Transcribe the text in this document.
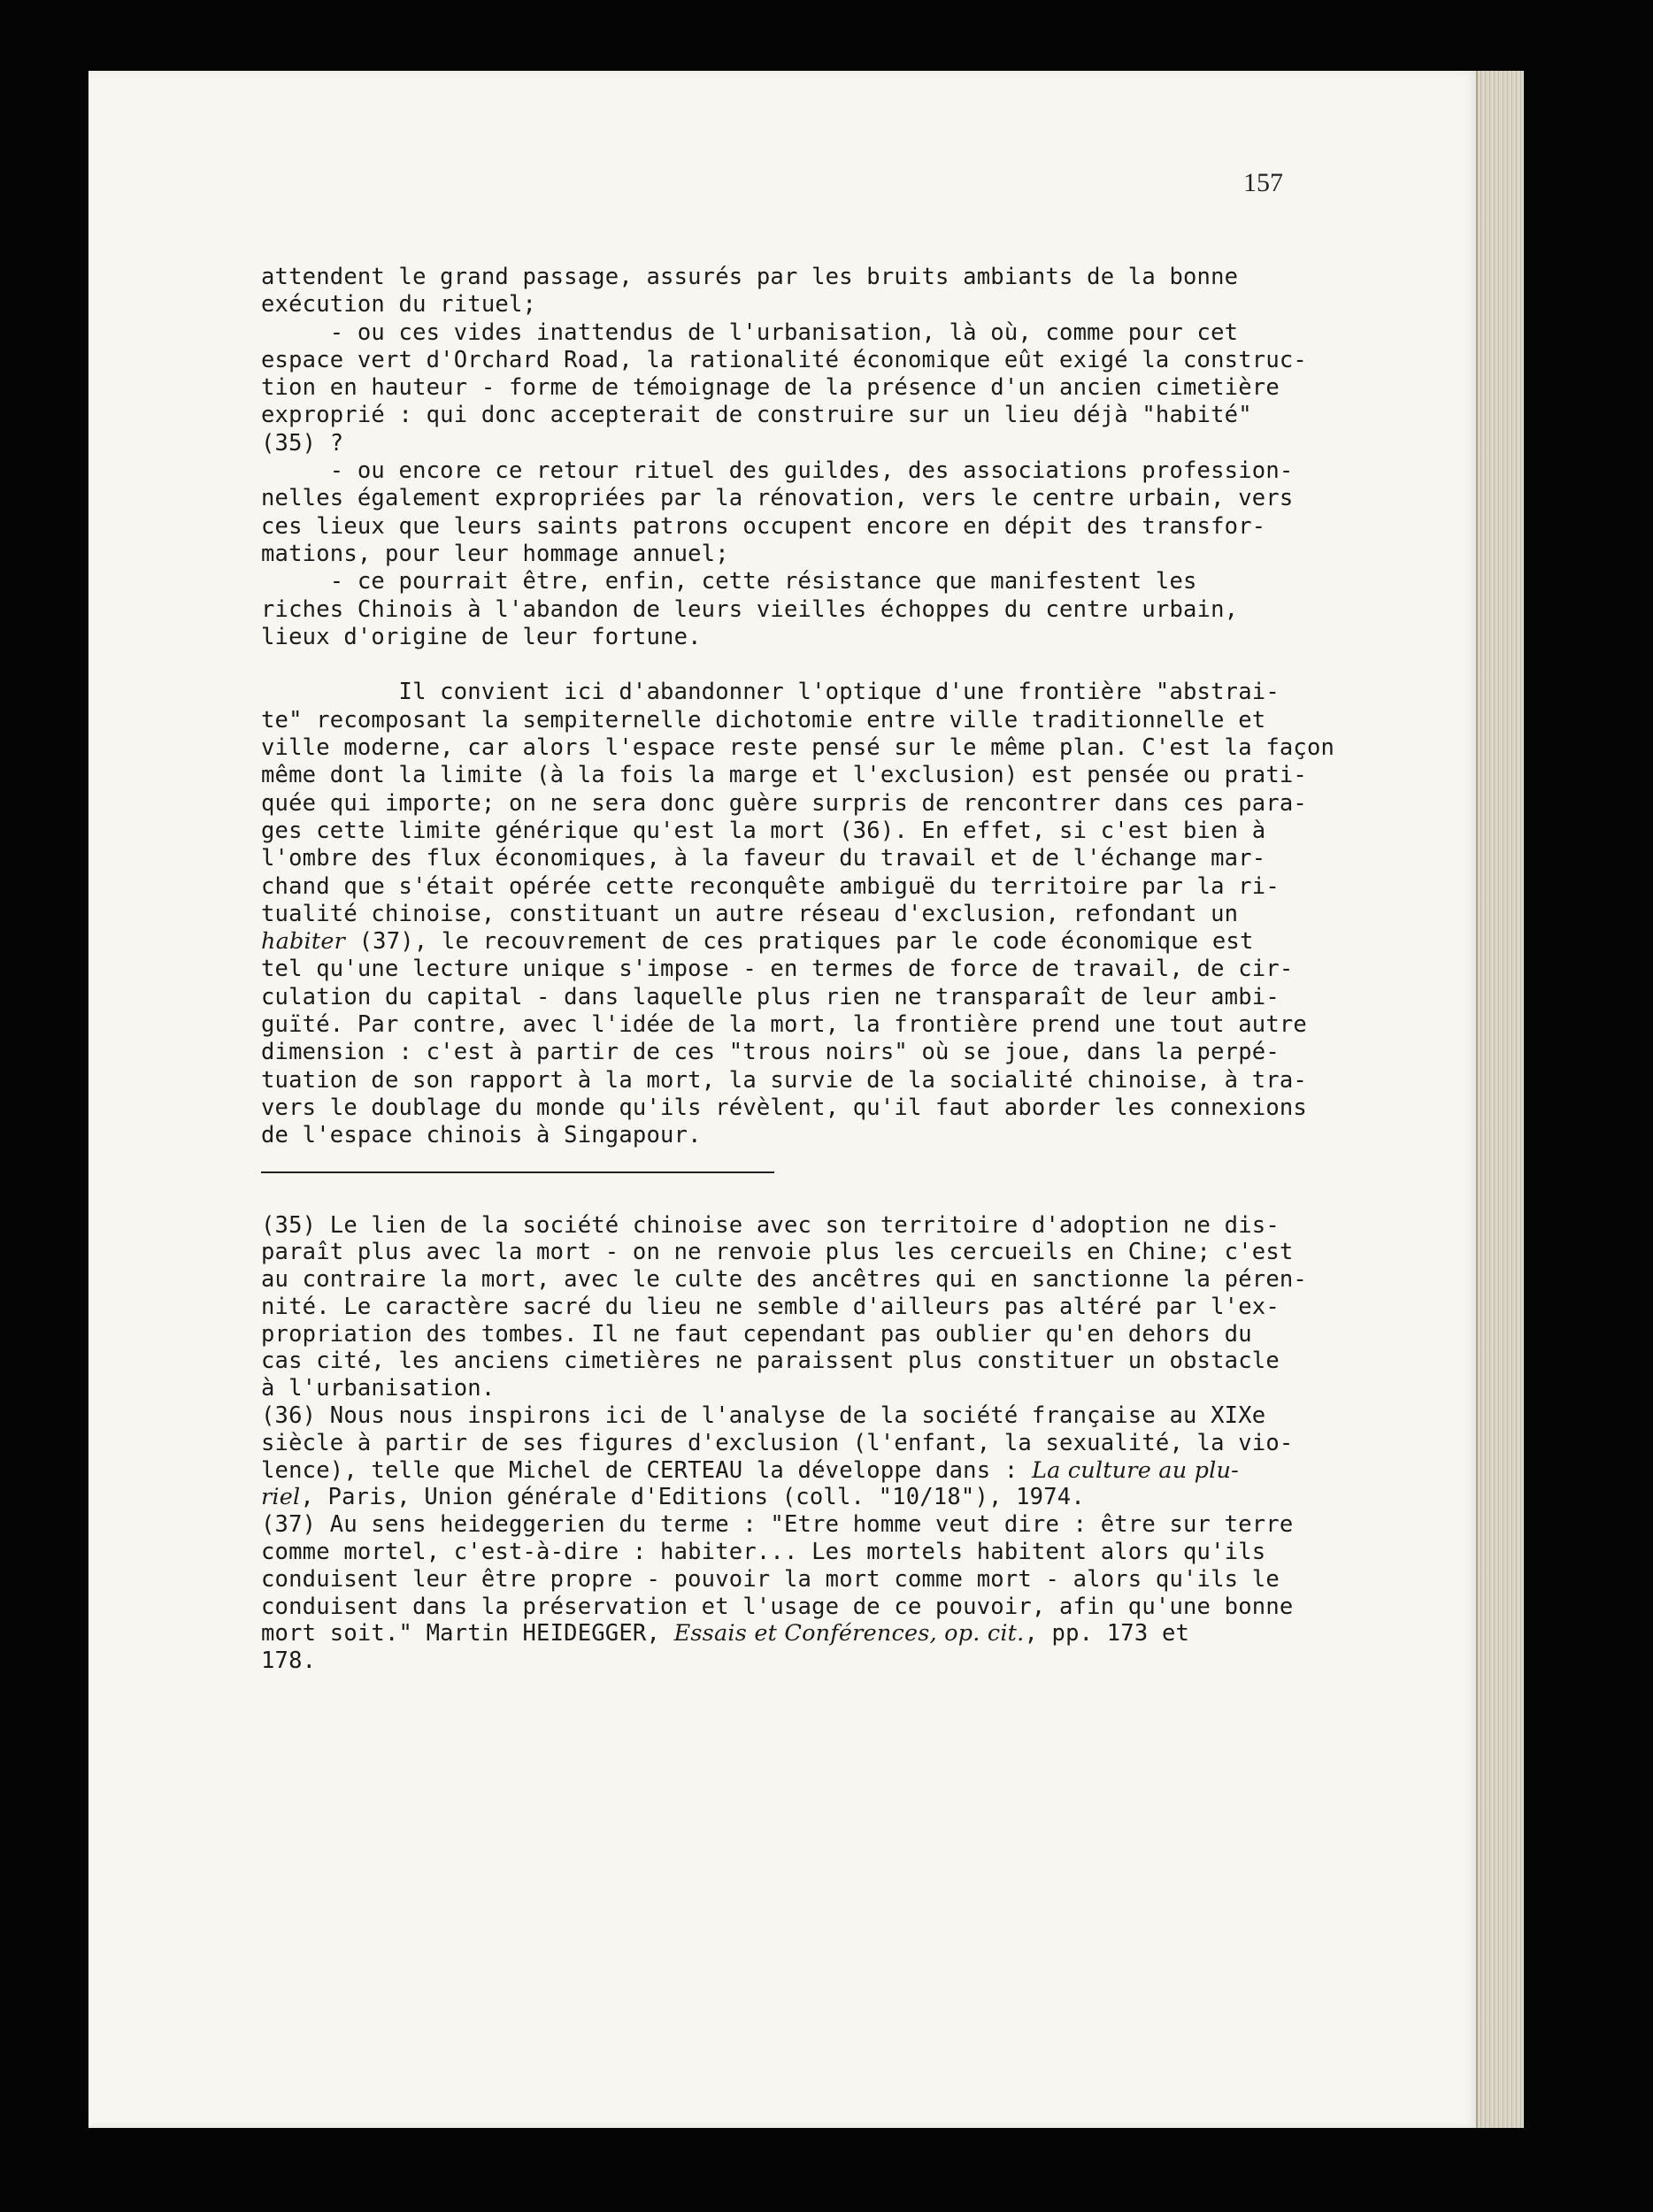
157
attendent le grand passage, assurés par les bruits ambiants de la bonne
exécution du rituel;
- ou ces vides inattendus de l'urbanisation, là où, comme pour cet
espace vert d'Orchard Road, la rationalité économique eût exigé la construc-
tion en hauteur - forme de témoignage de la présence d'un ancien cimetière
exproprié : qui donc accepterait de construire sur un lieu déjà "habité"
(35) ?
- ou encore ce retour rituel des guildes, des associations profession-
nelles également expropriées par la rénovation, vers le centre urbain, vers
ces lieux que leurs saints patrons occupent encore en dépit des transfor-
mations, pour leur hommage annuel;
- ce pourrait être, enfin, cette résistance que manifestent les
riches Chinois à l'abandon de leurs vieilles échoppes du centre urbain,
lieux d'origine de leur fortune.
Il convient ici d'abandonner l'optique d'une frontière "abstrai-
te" recomposant la sempiternelle dichotomie entre ville traditionnelle et
ville moderne, car alors l'espace reste pensé sur le même plan. C'est la façon
même dont la limite (à la fois la marge et l'exclusion) est pensée ou prati-
quée qui importe; on ne sera donc guère surpris de rencontrer dans ces para-
ges cette limite générique qu'est la mort (36). En effet, si c'est bien à
l'ombre des flux économiques, à la faveur du travail et de l'échange mar-
chand que s'était opérée cette reconquête ambiguë du territoire par la ri-
tualité chinoise, constituant un autre réseau d'exclusion, refondant un
habiter (37), le recouvrement de ces pratiques par le code économique est
tel qu'une lecture unique s'impose - en termes de force de travail, de cir-
culation du capital - dans laquelle plus rien ne transparaît de leur ambi-
guïté. Par contre, avec l'idée de la mort, la frontière prend une tout autre
dimension : c'est à partir de ces "trous noirs" où se joue, dans la perpé-
tuation de son rapport à la mort, la survie de la socialité chinoise, à tra-
vers le doublage du monde qu'ils révèlent, qu'il faut aborder les connexions
de l'espace chinois à Singapour.
(35) Le lien de la société chinoise avec son territoire d'adoption ne dis-
paraît plus avec la mort - on ne renvoie plus les cercueils en Chine; c'est
au contraire la mort, avec le culte des ancêtres qui en sanctionne la péren-
nité. Le caractère sacré du lieu ne semble d'ailleurs pas altéré par l'ex-
propriation des tombes. Il ne faut cependant pas oublier qu'en dehors du
cas cité, les anciens cimetières ne paraissent plus constituer un obstacle
à l'urbanisation.
(36) Nous nous inspirons ici de l'analyse de la société française au XIXe
siècle à partir de ses figures d'exclusion (l'enfant, la sexualité, la vio-
lence), telle que Michel de CERTEAU la développe dans : La culture au plu-
riel, Paris, Union générale d'Editions (coll. "10/18"), 1974.
(37) Au sens heideggerien du terme : "Etre homme veut dire : être sur terre
comme mortel, c'est-à-dire : habiter... Les mortels habitent alors qu'ils
conduisent leur être propre - pouvoir la mort comme mort - alors qu'ils le
conduisent dans la préservation et l'usage de ce pouvoir, afin qu'une bonne
mort soit." Martin HEIDEGGER, Essais et Conférences, op. cit., pp. 173 et
178.
